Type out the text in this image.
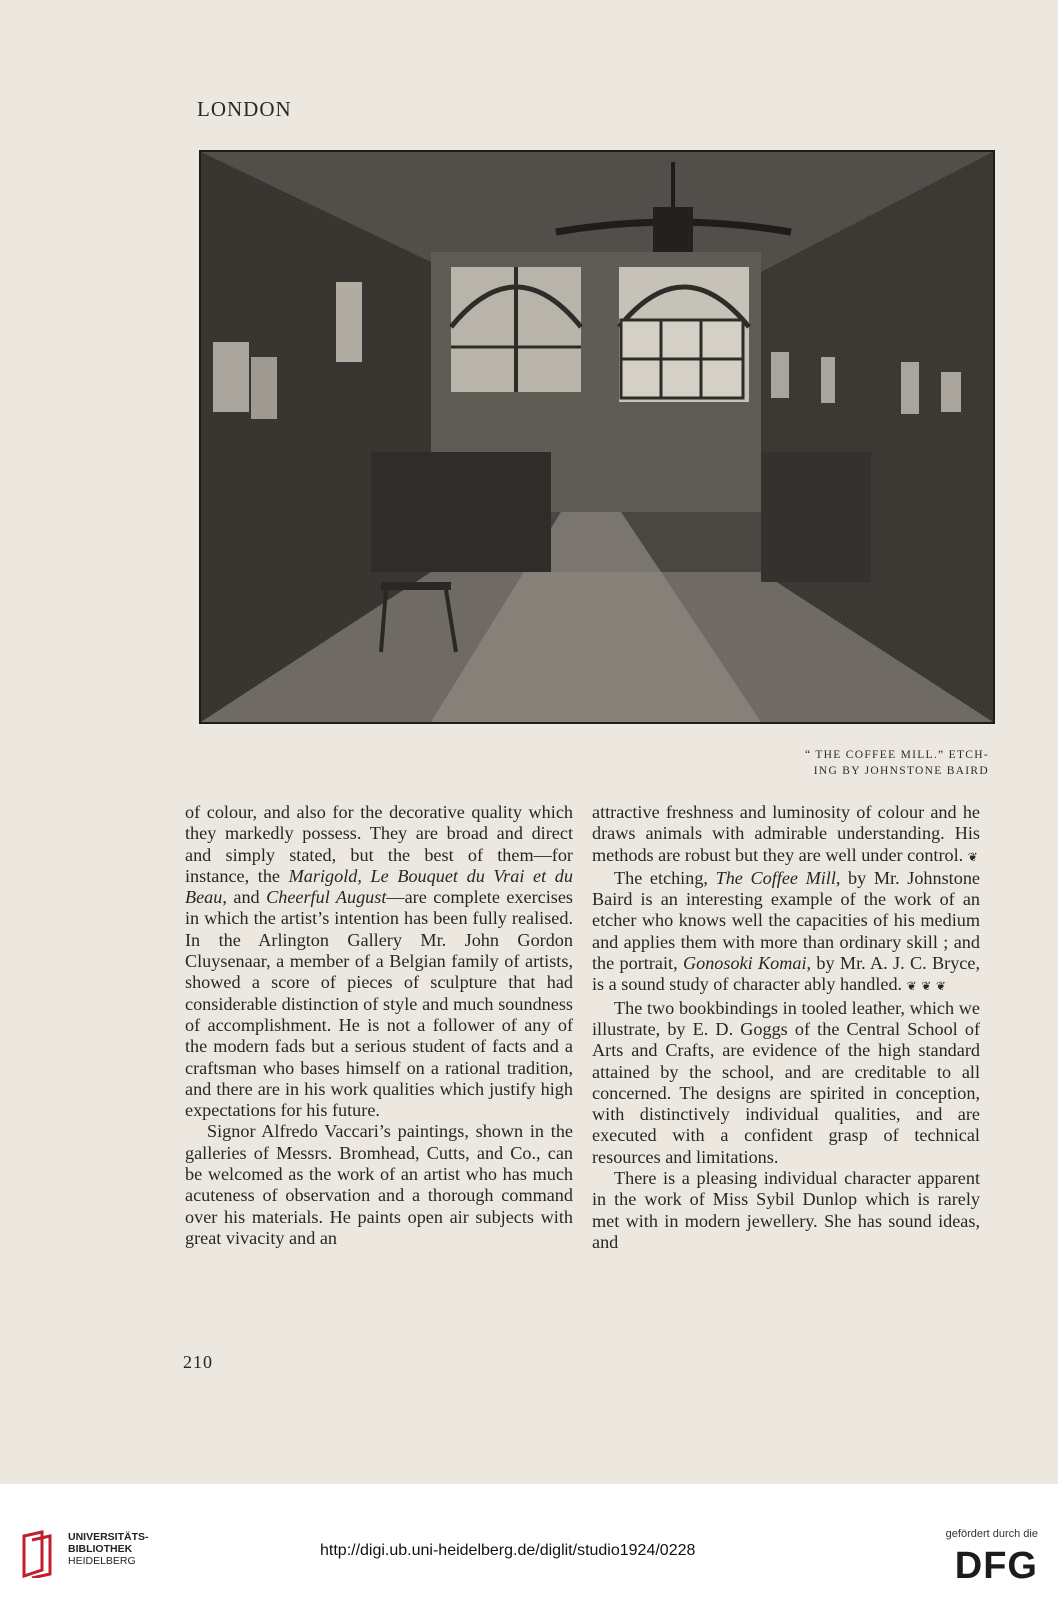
LONDON
“ THE COFFEE MILL.” ETCH-
ING BY JOHNSTONE BAIRD

of colour, and also for the decorative quality which they markedly possess. They are broad and direct and simply stated, but the best of them—for instance, the Marigold, Le Bouquet du Vrai et du Beau, and Cheerful August—are complete exercises in which the artist’s intention has been fully realised. In the Arlington Gallery Mr. John Gordon Cluysenaar, a member of a Belgian family of artists, showed a score of pieces of sculpture that had considerable distinction of style and much soundness of accomplishment. He is not a follower of any of the modern fads but a serious student of facts and a craftsman who bases himself on a rational tradition, and there are in his work qualities which justify high expectations for his future.

Signor Alfredo Vaccari’s paintings, shown in the galleries of Messrs. Bromhead, Cutts, and Co., can be welcomed as the work of an artist who has much acuteness of observation and a thorough command over his materials. He paints open air subjects with great vivacity and an

attractive freshness and luminosity of colour and he draws animals with admirable understanding. His methods are robust but they are well under control. ❦

The etching, The Coffee Mill, by Mr. Johnstone Baird is an interesting example of the work of an etcher who knows well the capacities of his medium and applies them with more than ordinary skill ; and the portrait, Gonosoki Komai, by Mr. A. J. C. Bryce, is a sound study of character ably handled. ❦ ❦ ❦

The two bookbindings in tooled leather, which we illustrate, by E. D. Goggs of the Central School of Arts and Crafts, are evidence of the high standard attained by the school, and are creditable to all concerned. The designs are spirited in conception, with distinctively individual qualities, and are executed with a confident grasp of technical resources and limitations.

There is a pleasing individual character apparent in the work of Miss Sybil Dunlop which is rarely met with in modern jewellery. She has sound ideas, and

210
UNIVERSITÄTS-
BIBLIOTHEK
HEIDELBERG
http://digi.ub.uni-heidelberg.de/diglit/studio1924/0228
gefördert durch die
DFG
